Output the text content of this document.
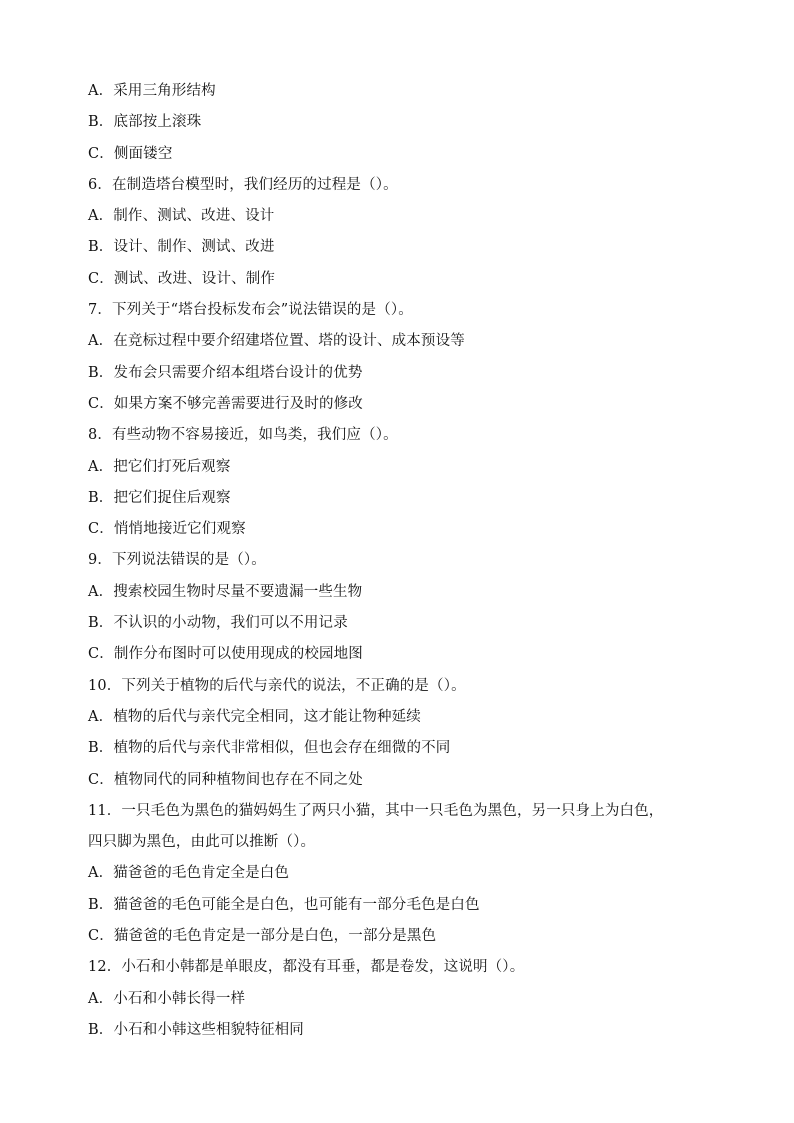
A．采用三角形结构
B．底部按上滚珠
C．侧面镂空
6．在制造塔台模型时，我们经历的过程是（）。
A．制作、测试、改进、设计
B．设计、制作、测试、改进
C．测试、改进、设计、制作
7．下列关于“塔台投标发布会”说法错误的是（）。
A．在竞标过程中要介绍建塔位置、塔的设计、成本预设等
B．发布会只需要介绍本组塔台设计的优势
C．如果方案不够完善需要进行及时的修改
8．有些动物不容易接近，如鸟类，我们应（）。
A．把它们打死后观察
B．把它们捉住后观察
C．悄悄地接近它们观察
9．下列说法错误的是（）。
A．搜索校园生物时尽量不要遗漏一些生物
B．不认识的小动物，我们可以不用记录
C．制作分布图时可以使用现成的校园地图
10．下列关于植物的后代与亲代的说法，不正确的是（）。
A．植物的后代与亲代完全相同，这才能让物种延续
B．植物的后代与亲代非常相似，但也会存在细微的不同
C．植物同代的同种植物间也存在不同之处
11．一只毛色为黑色的猫妈妈生了两只小猫，其中一只毛色为黑色，另一只身上为白色，
四只脚为黑色，由此可以推断（）。
A．猫爸爸的毛色肯定全是白色
B．猫爸爸的毛色可能全是白色，也可能有一部分毛色是白色
C．猫爸爸的毛色肯定是一部分是白色，一部分是黑色
12．小石和小韩都是单眼皮，都没有耳垂，都是卷发，这说明（）。
A．小石和小韩长得一样
B．小石和小韩这些相貌特征相同
